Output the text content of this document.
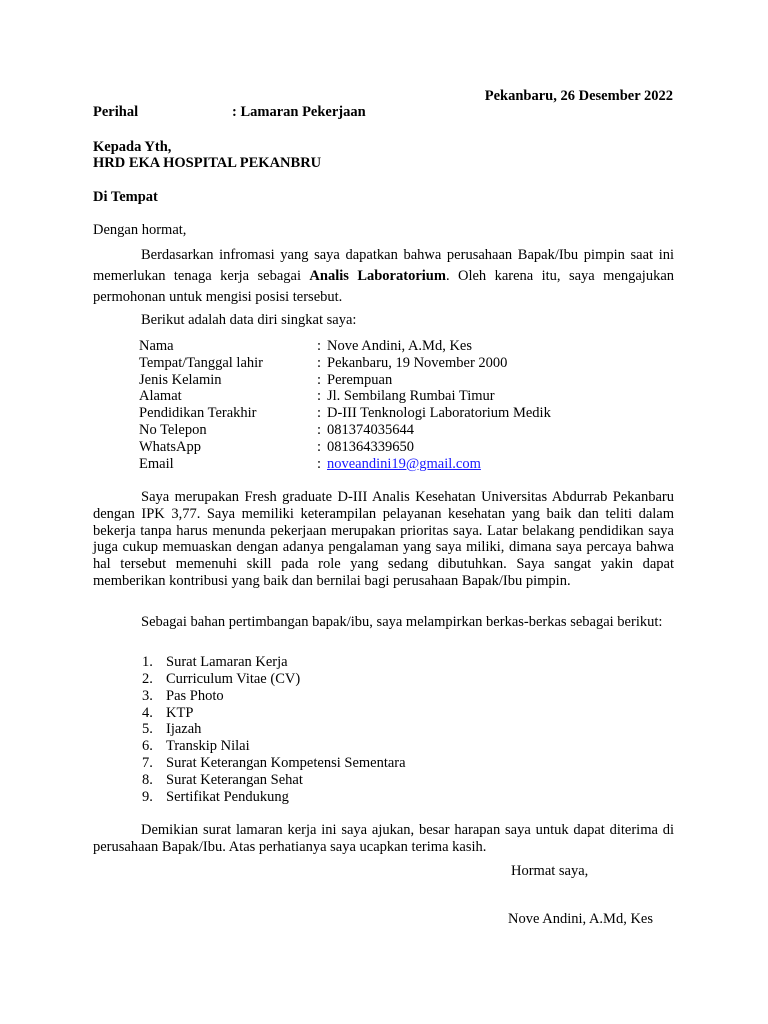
Pekanbaru, 26 Desember 2022
Perihal	: Lamaran Pekerjaan
Kepada Yth,
HRD EKA HOSPITAL PEKANBRU
Di Tempat
Dengan hormat,
Berdasarkan infromasi yang saya dapatkan bahwa perusahaan Bapak/Ibu pimpin saat ini memerlukan tenaga kerja sebagai Analis Laboratorium. Oleh karena itu, saya mengajukan permohonan untuk mengisi posisi tersebut.
Berikut adalah data diri singkat saya:
Nama	: Nove Andini, A.Md, Kes
Tempat/Tanggal lahir	: Pekanbaru, 19 November 2000
Jenis Kelamin	: Perempuan
Alamat	: Jl. Sembilang Rumbai Timur
Pendidikan Terakhir	: D-III Tenknologi Laboratorium Medik
No Telepon	: 081374035644
WhatsApp	: 081364339650
Email	: noveandini19@gmail.com
Saya merupakan Fresh graduate D-III Analis Kesehatan Universitas Abdurrab Pekanbaru dengan IPK 3,77. Saya memiliki keterampilan pelayanan kesehatan yang baik dan teliti dalam bekerja tanpa harus menunda pekerjaan merupakan prioritas saya. Latar belakang pendidikan saya juga cukup memuaskan dengan adanya pengalaman yang saya miliki, dimana saya percaya bahwa hal tersebut memenuhi skill pada role yang sedang dibutuhkan. Saya sangat yakin dapat memberikan kontribusi yang baik dan bernilai bagi perusahaan Bapak/Ibu pimpin.
Sebagai bahan pertimbangan bapak/ibu, saya melampirkan berkas-berkas sebagai berikut:
1. Surat Lamaran Kerja
2. Curriculum Vitae (CV)
3. Pas Photo
4. KTP
5. Ijazah
6. Transkip Nilai
7. Surat Keterangan Kompetensi Sementara
8. Surat Keterangan Sehat
9. Sertifikat Pendukung
Demikian surat lamaran kerja ini saya ajukan, besar harapan saya untuk dapat diterima di perusahaan Bapak/Ibu. Atas perhatianya saya ucapkan terima kasih.
Hormat saya,
Nove Andini, A.Md, Kes
